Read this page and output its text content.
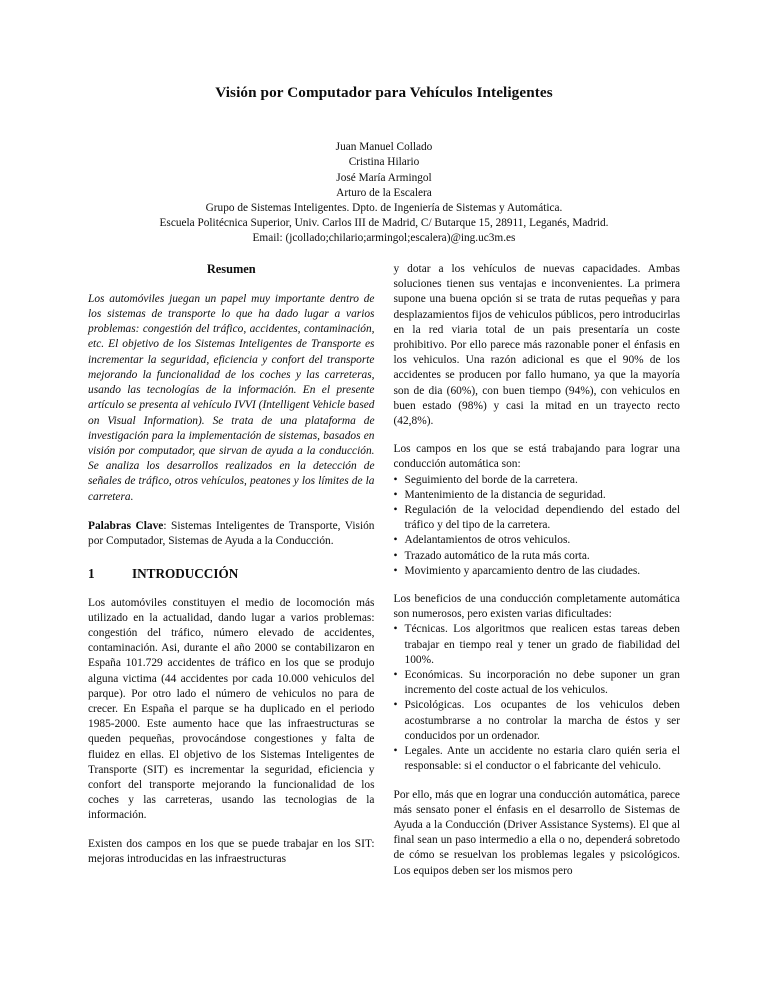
Visión por Computador para Vehículos Inteligentes
Juan Manuel Collado
Cristina Hilario
José María Armingol
Arturo de la Escalera
Grupo de Sistemas Inteligentes. Dpto. de Ingeniería de Sistemas y Automática.
Escuela Politécnica Superior, Univ. Carlos III de Madrid, C/ Butarque 15, 28911, Leganés, Madrid.
Email: (jcollado;chilario;armingol;escalera)@ing.uc3m.es
Resumen

Los automóviles juegan un papel muy importante dentro de los sistemas de transporte lo que ha dado lugar a varios problemas: congestión del tráfico, accidentes, contaminación, etc. El objetivo de los Sistemas Inteligentes de Transporte es incrementar la seguridad, eficiencia y confort del transporte mejorando la funcionalidad de los coches y las carreteras, usando las tecnologías de la información. En el presente artículo se presenta al vehículo IVVI (Intelligent Vehicle based on Visual Information). Se trata de una plataforma de investigación para la implementación de sistemas, basados en visión por computador, que sirvan de ayuda a la conducción. Se analiza los desarrollos realizados en la detección de señales de tráfico, otros vehículos, peatones y los límites de la carretera.

Palabras Clave: Sistemas Inteligentes de Transporte, Visión por Computador, Sistemas de Ayuda a la Conducción.

1	INTRODUCCIÓN

Los automóviles constituyen el medio de locomoción más utilizado en la actualidad, dando lugar a varios problemas: congestión del tráfico, número elevado de accidentes, contaminación. Asi, durante el año 2000 se contabilizaron en España 101.729 accidentes de tráfico en los que se produjo alguna victima (44 accidentes por cada 10.000 vehiculos del parque). Por otro lado el número de vehiculos no para de crecer. En España el parque se ha duplicado en el periodo 1985-2000. Este aumento hace que las infraestructuras se queden pequeñas, provocándose congestiones y falta de fluidez en ellas. El objetivo de los Sistemas Inteligentes de Transporte (SIT) es incrementar la seguridad, eficiencia y confort del transporte mejorando la funcionalidad de los coches y las carreteras, usando las tecnologias de la información.

Existen dos campos en los que se puede trabajar en los SIT: mejoras introducidas en las infraestructuras

y dotar a los vehículos de nuevas capacidades. Ambas soluciones tienen sus ventajas e inconvenientes. La primera supone una buena opción si se trata de rutas pequeñas y para desplazamientos fijos de vehiculos públicos, pero introducirlas en la red viaria total de un pais presentaría un coste prohibitivo. Por ello parece más razonable poner el énfasis en los vehiculos. Una razón adicional es que el 90% de los accidentes se producen por fallo humano, ya que la mayoría son de dia (60%), con buen tiempo (94%), con vehiculos en buen estado (98%) y casi la mitad en un trayecto recto (42,8%).

Los campos en los que se está trabajando para lograr una conducción automática son:

• Seguimiento del borde de la carretera.
• Mantenimiento de la distancia de seguridad.
• Regulación de la velocidad dependiendo del estado del tráfico y del tipo de la carretera.
• Adelantamientos de otros vehiculos.
• Trazado automático de la ruta más corta.
• Movimiento y aparcamiento dentro de las ciudades.

Los beneficios de una conducción completamente automática son numerosos, pero existen varias dificultades:

• Técnicas. Los algoritmos que realicen estas tareas deben trabajar en tiempo real y tener un grado de fiabilidad del 100%.
• Económicas. Su incorporación no debe suponer un gran incremento del coste actual de los vehiculos.
• Psicológicas. Los ocupantes de los vehiculos deben acostumbrarse a no controlar la marcha de éstos y ser conducidos por un ordenador.
• Legales. Ante un accidente no estaria claro quién seria el responsable: si el conductor o el fabricante del vehiculo.

Por ello, más que en lograr una conducción automática, parece más sensato poner el énfasis en el desarrollo de Sistemas de Ayuda a la Conducción (Driver Assistance Systems). El que al final sean un paso intermedio a ella o no, dependerá sobretodo de cómo se resuelvan los problemas legales y psicológicos. Los equipos deben ser los mismos pero
